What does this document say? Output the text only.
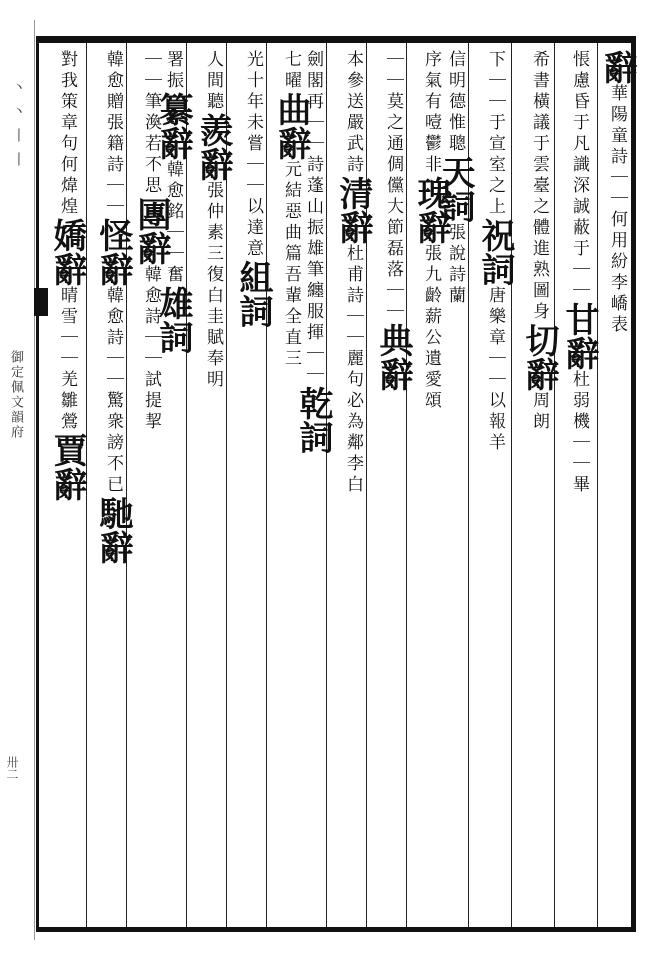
丶丶丨丨
御定佩文韻府
卅二
辭華陽童詩｜｜何用紛李嶠表
悵慮昏于凡識深誠蔽于｜｜甘辭杜弱機｜｜畢
希書橫議于雲臺之體進熟圖身切辭周朗
下｜｜于宣室之上祝詞唐樂章｜｜以報羊
信明德惟聰天詞張說詩蘭
序氣有噎鬱非瑰辭張九齡薪公遺愛頌
｜｜莫之通倜儻大節磊落｜｜典辭
本參送嚴武詩清辭杜甫詩｜｜麗句必為鄰李白
劍閣再｜｜詩蓬山振雄筆纏服揮｜｜乾詞
七曜曲辭元結惡曲篇吾輩全直三
光十年未嘗｜｜以達意組詞
人間聽羨辭張仲素三復白圭賦奉明
署振纂辭韓愈銘｜｜奮雄詞
｜｜筆渙若不思團辭韓愈詩｜｜試提挈
韓愈贈張籍詩｜｜怪辭韓愈詩｜｜驚衆謗不已馳辭
對我策章句何煒煌嬌辭晴雪｜｜羌雛鶯賈辭
